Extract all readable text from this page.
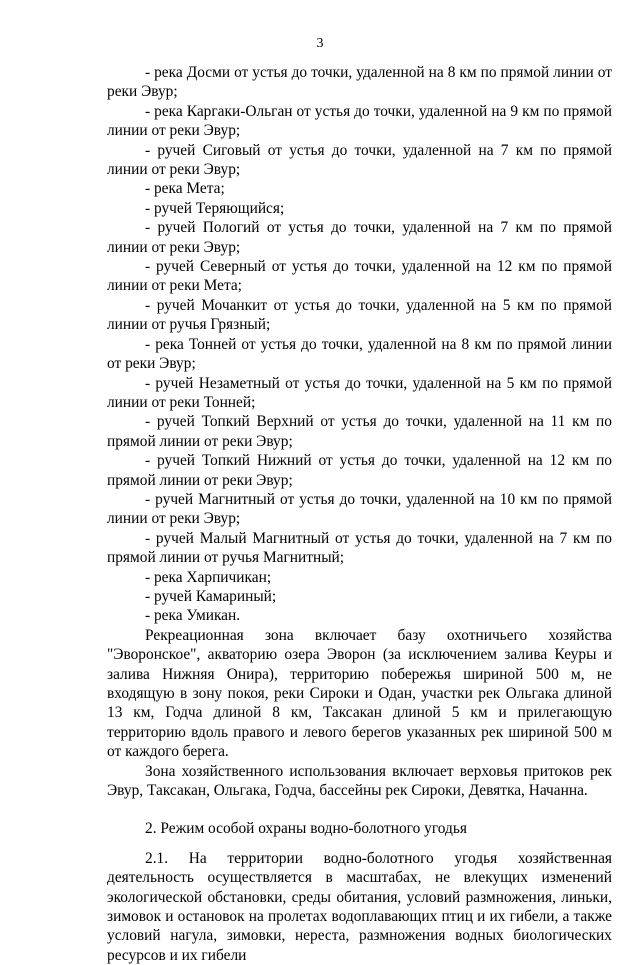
3

- река Досми от устья до точки, удаленной на 8 км по прямой линии от реки Эвур;

- река Каргаки-Ольган от устья до точки, удаленной на 9 км по прямой линии от реки Эвур;

- ручей Сиговый от устья до точки, удаленной на 7 км по прямой линии от реки Эвур;

- река Мета;

- ручей Теряющийся;

- ручей Пологий от устья до точки, удаленной на 7 км по прямой линии от реки Эвур;

- ручей Северный от устья до точки, удаленной на 12 км по прямой линии от реки Мета;

- ручей Мочанкит от устья до точки, удаленной на 5 км по прямой линии от ручья Грязный;

- река Тонней от устья до точки, удаленной на 8 км по прямой линии от реки Эвур;

- ручей Незаметный от устья до точки, удаленной на 5 км по прямой линии от реки Тонней;

- ручей Топкий Верхний от устья до точки, удаленной на 11 км по прямой линии от реки Эвур;

- ручей Топкий Нижний от устья до точки, удаленной на 12 км по прямой линии от реки Эвур;

- ручей Магнитный от устья до точки, удаленной на 10 км по прямой линии от реки Эвур;

- ручей Малый Магнитный от устья до точки, удаленной на 7 км по прямой линии от ручья Магнитный;

- река Харпичикан;

- ручей Камариный;

- река Умикан.

Рекреационная зона включает базу охотничьего хозяйства "Эворонское", акваторию озера Эворон (за исключением залива Кеуры и залива Нижняя Онира), территорию побережья шириной 500 м, не входящую в зону покоя, реки Сироки и Одан, участки рек Ольгака длиной 13 км, Годча длиной 8 км, Таксакан длиной 5 км и прилегающую территорию вдоль правого и левого берегов указанных рек шириной 500 м от каждого берега.

Зона хозяйственного использования включает верховья притоков рек Эвур, Таксакан, Ольгака, Годча, бассейны рек Сироки, Девятка, Начанна.

2. Режим особой охраны водно-болотного угодья

2.1. На территории водно-болотного угодья хозяйственная деятельность осуществляется в масштабах, не влекущих изменений экологической обстановки, среды обитания, условий размножения, линьки, зимовок и остановок на пролетах водоплавающих птиц и их гибели, а также условий нагула, зимовки, нереста, размножения водных биологических ресурсов и их гибели
